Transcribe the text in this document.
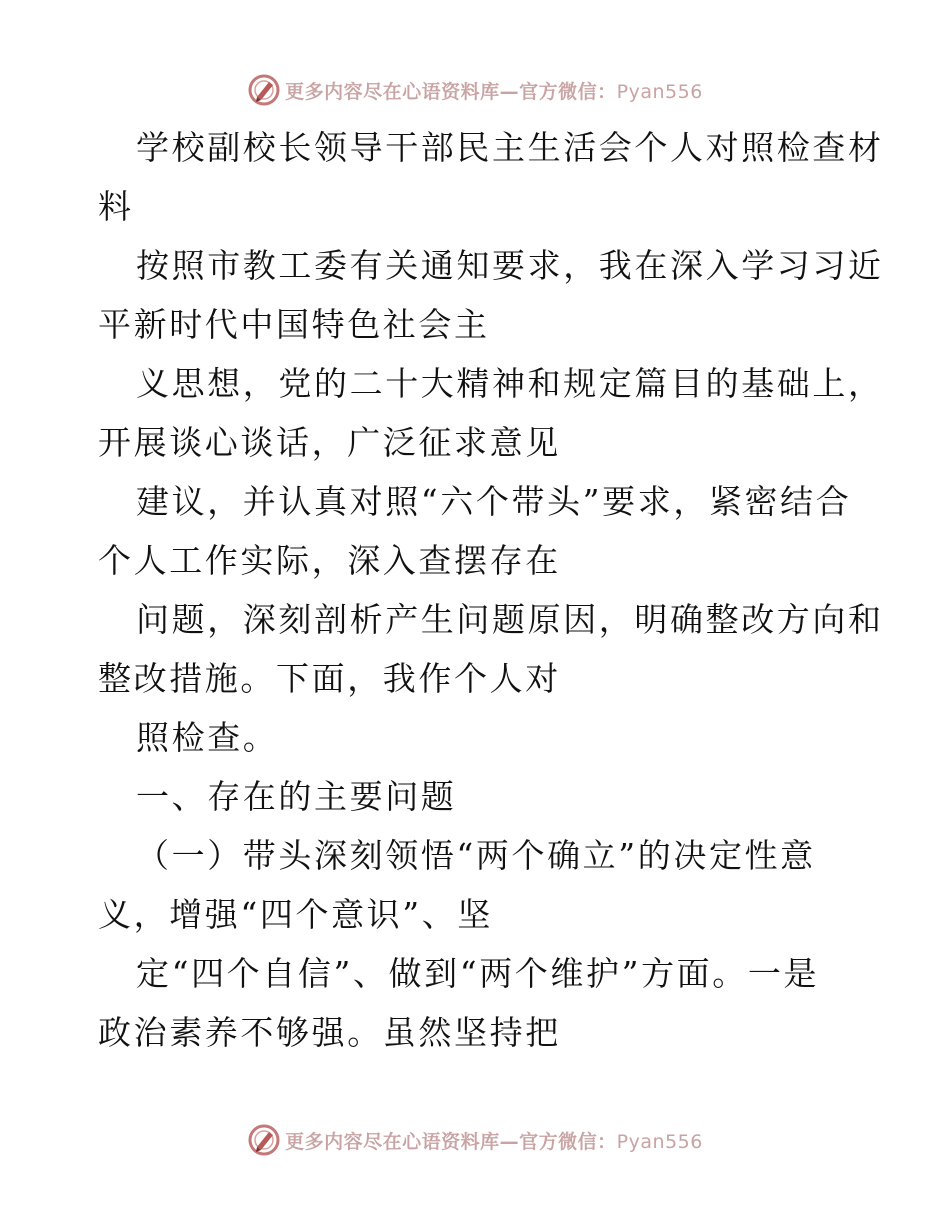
更多内容尽在心语资料库—官方微信：Pyan556

学校副校长领导干部民主生活会个人对照检查材
料
按照市教工委有关通知要求，我在深入学习习近
平新时代中国特色社会主
义思想，党的二十大精神和规定篇目的基础上，
开展谈心谈话，广泛征求意见
建议，并认真对照“六个带头”要求，紧密结合
个人工作实际，深入查摆存在
问题，深刻剖析产生问题原因，明确整改方向和
整改措施。下面，我作个人对
照检查。
一、存在的主要问题
（一）带头深刻领悟“两个确立”的决定性意
义，增强“四个意识”、坚
定“四个自信”、做到“两个维护”方面。一是
政治素养不够强。虽然坚持把

更多内容尽在心语资料库—官方微信：Pyan556
